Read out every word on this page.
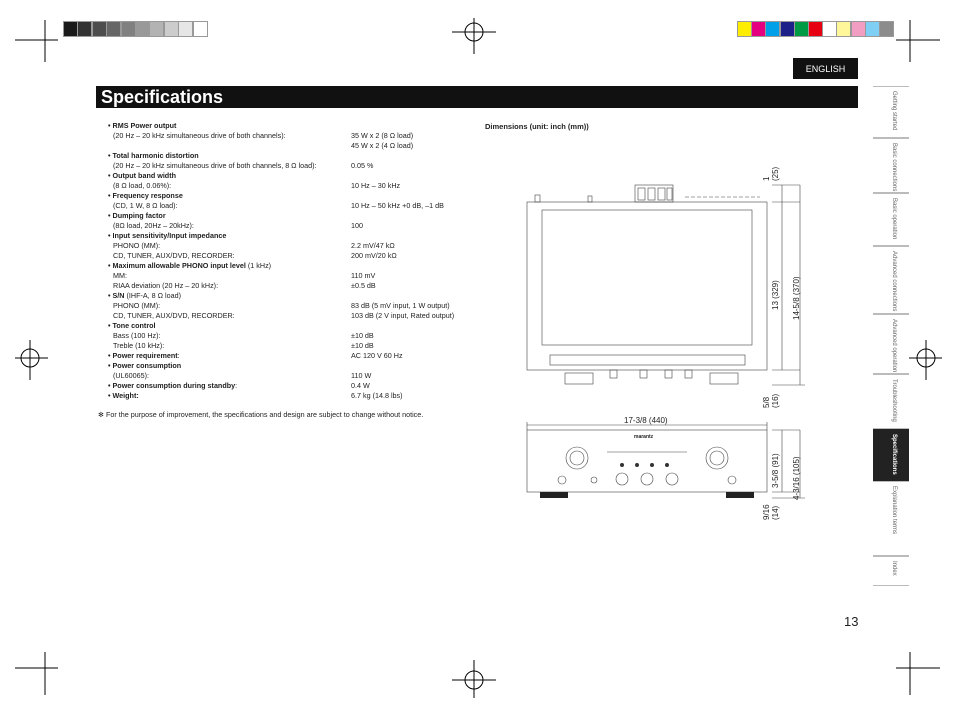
ENGLISH
Specifications
• RMS Power output
(20 Hz – 20 kHz simultaneous drive of both channels):	35 W x 2 (8 Ω load)
45 W x 2 (4 Ω load)
• Total harmonic distortion
(20 Hz – 20 kHz simultaneous drive of both channels, 8 Ω load):	0.05 %
• Output band width
(8 Ω load, 0.06%):	10 Hz – 30 kHz
• Frequency response
(CD, 1 W, 8 Ω load):	10 Hz – 50 kHz +0 dB, –1 dB
• Dumping factor
(8Ω load, 20Hz – 20kHz):	100
• Input sensitivity/Input impedance
PHONO (MM):	2.2 mV/47 kΩ
CD, TUNER, AUX/DVD, RECORDER:	200 mV/20 kΩ
• Maximum allowable PHONO input level (1 kHz)
MM:	110 mV
RIAA deviation (20 Hz – 20 kHz):	±0.5 dB
• S/N (IHF-A, 8 Ω load)
PHONO (MM):	83 dB (5 mV input, 1 W output)
CD, TUNER, AUX/DVD, RECORDER:	103 dB (2 V input, Rated output)
• Tone control
Bass (100 Hz):	±10 dB
Treble (10 kHz):	±10 dB
• Power requirement:	AC 120 V 60 Hz
• Power consumption
(UL60065):	110 W
• Power consumption during standby:	0.4 W
• Weight:	6.7 kg (14.8 lbs)
✻ For the purpose of improvement, the specifications and design are subject to change without notice.
Dimensions (unit: inch (mm))
marantz
1
(25)
13 (329) 14-5/8 (370)
5/8
(16)
17-3/8 (440)
3-5/8 (91) 4-3/16 (105)
9/16
(14)
Getting started
Basic connections
Basic operation
Advanced connections
Advanced operation
Troubleshooting
Specifications
Explanation terms
Index
13
